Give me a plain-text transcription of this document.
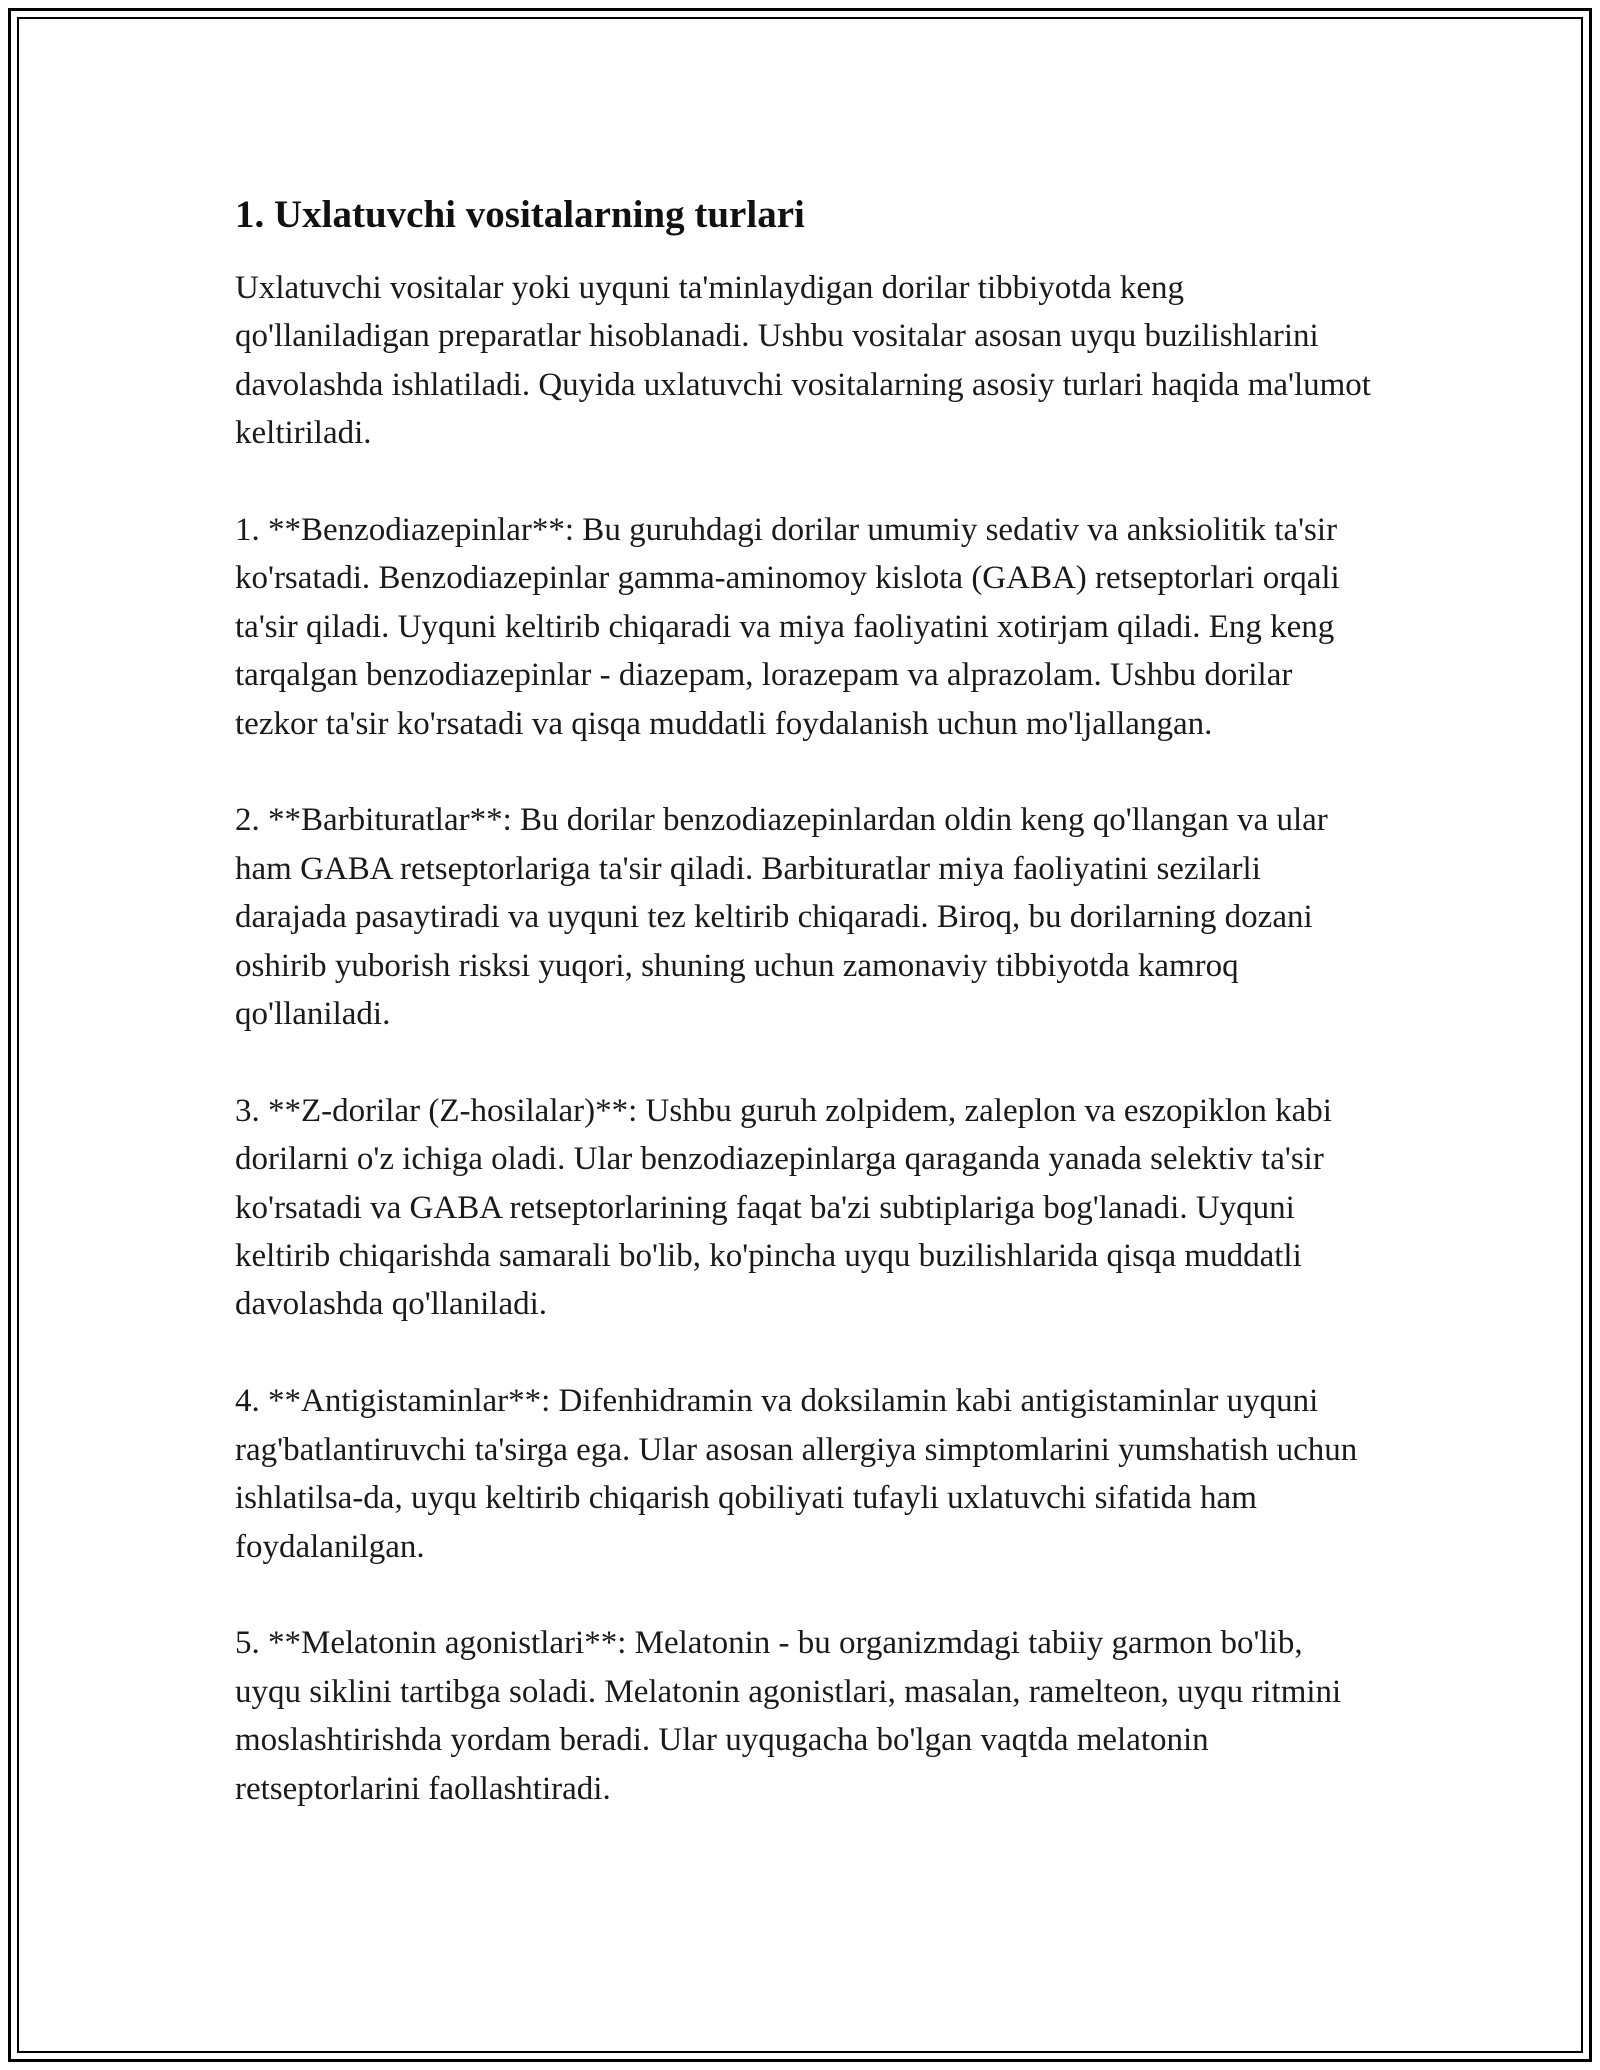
1. Uxlatuvchi vositalarning turlari

Uxlatuvchi vositalar yoki uyquni ta'minlaydigan dorilar tibbiyotda keng qo'llaniladigan preparatlar hisoblanadi. Ushbu vositalar asosan uyqu buzilishlarini davolashda ishlatiladi. Quyida uxlatuvchi vositalarning asosiy turlari haqida ma'lumot keltiriladi.

1. **Benzodiazepinlar**: Bu guruhdagi dorilar umumiy sedativ va anksiolitik ta'sir ko'rsatadi. Benzodiazepinlar gamma-aminomoy kislota (GABA) retseptorlari orqali ta'sir qiladi. Uyquni keltirib chiqaradi va miya faoliyatini xotirjam qiladi. Eng keng tarqalgan benzodiazepinlar - diazepam, lorazepam va alprazolam. Ushbu dorilar tezkor ta'sir ko'rsatadi va qisqa muddatli foydalanish uchun mo'ljallangan.

2. **Barbituratlar**: Bu dorilar benzodiazepinlardan oldin keng qo'llangan va ular ham GABA retseptorlariga ta'sir qiladi. Barbituratlar miya faoliyatini sezilarli darajada pasaytiradi va uyquni tez keltirib chiqaradi. Biroq, bu dorilarning dozani oshirib yuborish risksi yuqori, shuning uchun zamonaviy tibbiyotda kamroq qo'llaniladi.

3. **Z-dorilar (Z-hosilalar)**: Ushbu guruh zolpidem, zaleplon va eszopiklon kabi dorilarni o'z ichiga oladi. Ular benzodiazepinlarga qaraganda yanada selektiv ta'sir ko'rsatadi va GABA retseptorlarining faqat ba'zi subtiplariga bog'lanadi. Uyquni keltirib chiqarishda samarali bo'lib, ko'pincha uyqu buzilishlarida qisqa muddatli davolashda qo'llaniladi.

4. **Antigistaminlar**: Difenhidramin va doksilamin kabi antigistaminlar uyquni rag'batlantiruvchi ta'sirga ega. Ular asosan allergiya simptomlarini yumshatish uchun ishlatilsa-da, uyqu keltirib chiqarish qobiliyati tufayli uxlatuvchi sifatida ham foydalanilgan.

5. **Melatonin agonistlari**: Melatonin - bu organizmdagi tabiiy garmon bo'lib, uyqu siklini tartibga soladi. Melatonin agonistlari, masalan, ramelteon, uyqu ritmini moslashtirishda yordam beradi. Ular uyqugacha bo'lgan vaqtda melatonin retseptorlarini faollashtiradi.
